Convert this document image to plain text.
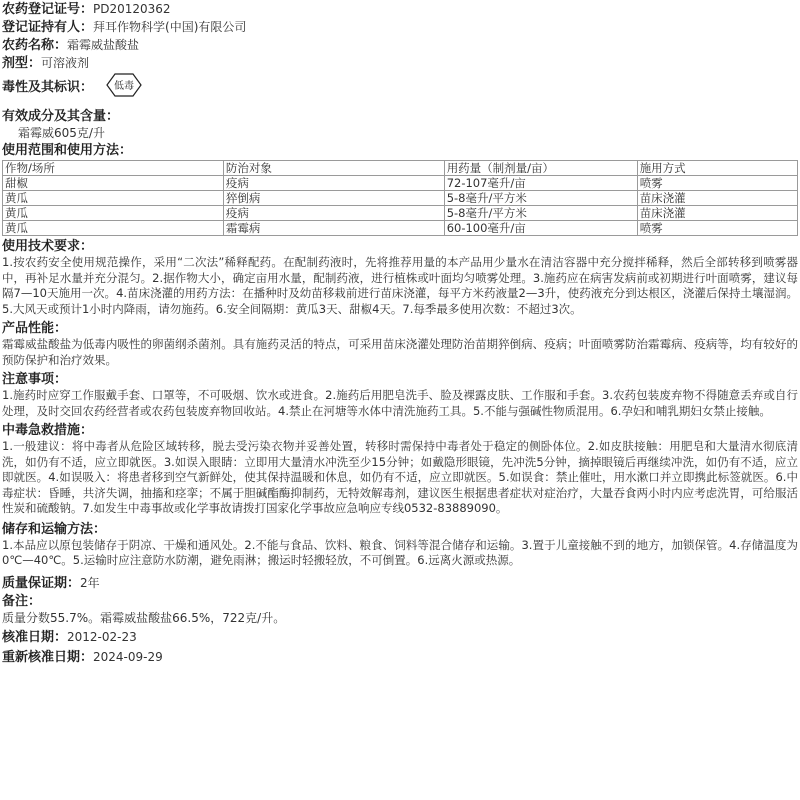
农药登记证号：PD20120362
登记证持有人：拜耳作物科学(中国)有限公司
农药名称：霜霉威盐酸盐
剂型：可溶液剂
毒性及其标识： 低毒
有效成分及其含量：
霜霉威605克/升
使用范围和使用方法：
作物/场所	防治对象	用药量（制剂量/亩）	施用方式
甜椒	疫病	72-107毫升/亩	喷雾
黄瓜	猝倒病	5-8毫升/平方米	苗床浇灌
黄瓜	疫病	5-8毫升/平方米	苗床浇灌
黄瓜	霜霉病	60-100毫升/亩	喷雾
使用技术要求：
1.按农药安全使用规范操作，采用“二次法”稀释配药。在配制药液时，先将推荐用量的本产品用少量水在清洁容器中充分搅拌稀释，然后全部转移到喷雾器中，再补足水量并充分混匀。2.据作物大小，确定亩用水量，配制药液，进行植株或叶面均匀喷雾处理。3.施药应在病害发病前或初期进行叶面喷雾，建议每隔7—10天施用一次。4.苗床浇灌的用药方法：在播种时及幼苗移栽前进行苗床浇灌，每平方米药液量2—3升，使药液充分到达根区，浇灌后保持土壤湿润。5.大风天或预计1小时内降雨，请勿施药。6.安全间隔期：黄瓜3天、甜椒4天。7.每季最多使用次数：不超过3次。
产品性能：
霜霉威盐酸盐为低毒内吸性的卵菌纲杀菌剂。具有施药灵活的特点，可采用苗床浇灌处理防治苗期猝倒病、疫病；叶面喷雾防治霜霉病、疫病等，均有较好的预防保护和治疗效果。
注意事项：
1.施药时应穿工作服戴手套、口罩等，不可吸烟、饮水或进食。2.施药后用肥皂洗手、脸及裸露皮肤、工作服和手套。3.农药包装废弃物不得随意丢弃或自行处理，及时交回农药经营者或农药包装废弃物回收站。4.禁止在河塘等水体中清洗施药工具。5.不能与强碱性物质混用。6.孕妇和哺乳期妇女禁止接触。
中毒急救措施：
1.一般建议：将中毒者从危险区域转移，脱去受污染衣物并妥善处置，转移时需保持中毒者处于稳定的侧卧体位。2.如皮肤接触：用肥皂和大量清水彻底清洗，如仍有不适，应立即就医。3.如误入眼睛：立即用大量清水冲洗至少15分钟；如戴隐形眼镜，先冲洗5分钟，摘掉眼镜后再继续冲洗，如仍有不适，应立即就医。4.如误吸入：将患者移到空气新鲜处，使其保持温暖和休息，如仍有不适，应立即就医。5.如误食：禁止催吐，用水漱口并立即携此标签就医。6.中毒症状：昏睡，共济失调，抽搐和痉挛；不属于胆碱酯酶抑制药，无特效解毒剂，建议医生根据患者症状对症治疗，大量吞食两小时内应考虑洗胃，可给服活性炭和硫酸钠。7.如发生中毒事故或化学事故请拨打国家化学事故应急响应专线0532-83889090。
储存和运输方法：
1.本品应以原包装储存于阴凉、干燥和通风处。2.不能与食品、饮料、粮食、饲料等混合储存和运输。3.置于儿童接触不到的地方，加锁保管。4.存储温度为0℃—40℃。5.运输时应注意防水防潮，避免雨淋；搬运时轻搬轻放，不可倒置。6.远离火源或热源。
质量保证期：2年
备注：
质量分数55.7%。霜霉威盐酸盐66.5%，722克/升。
核准日期：2012-02-23
重新核准日期：2024-09-29
